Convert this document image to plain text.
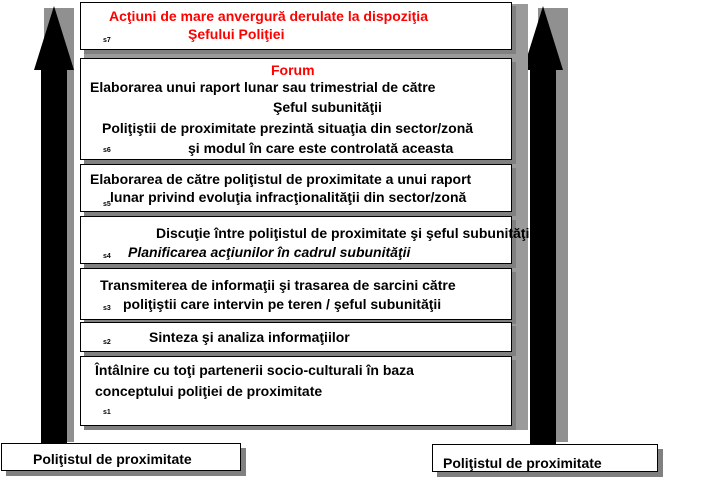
Acţiuni de mare anvergură derulate la dispoziţia
Şefului Poliţiei
s7
Forum
Elaborarea unui raport lunar sau trimestrial de către
Şeful subunităţii
Poliţiştii de proximitate prezintă situaţia din sector/zonă
şi modul în care este controlată aceasta
s6
Elaborarea de către poliţistul de proximitate a unui raport
lunar privind evoluţia infracţionalităţii din sector/zonă
s5
Discuţie între poliţistul de proximitate şi şeful subunităţii
Planificarea acţiunilor în cadrul subunităţii
s4
Transmiterea de informaţii şi trasarea de sarcini către
poliţiştii care intervin pe teren / şeful subunităţii
s3
Sinteza şi analiza informaţiilor
s2
Întâlnire cu toţi partenerii socio-culturali în baza
conceptului poliţiei de proximitate
s1
Poliţistul de proximitate	Poliţistul de proximitate
